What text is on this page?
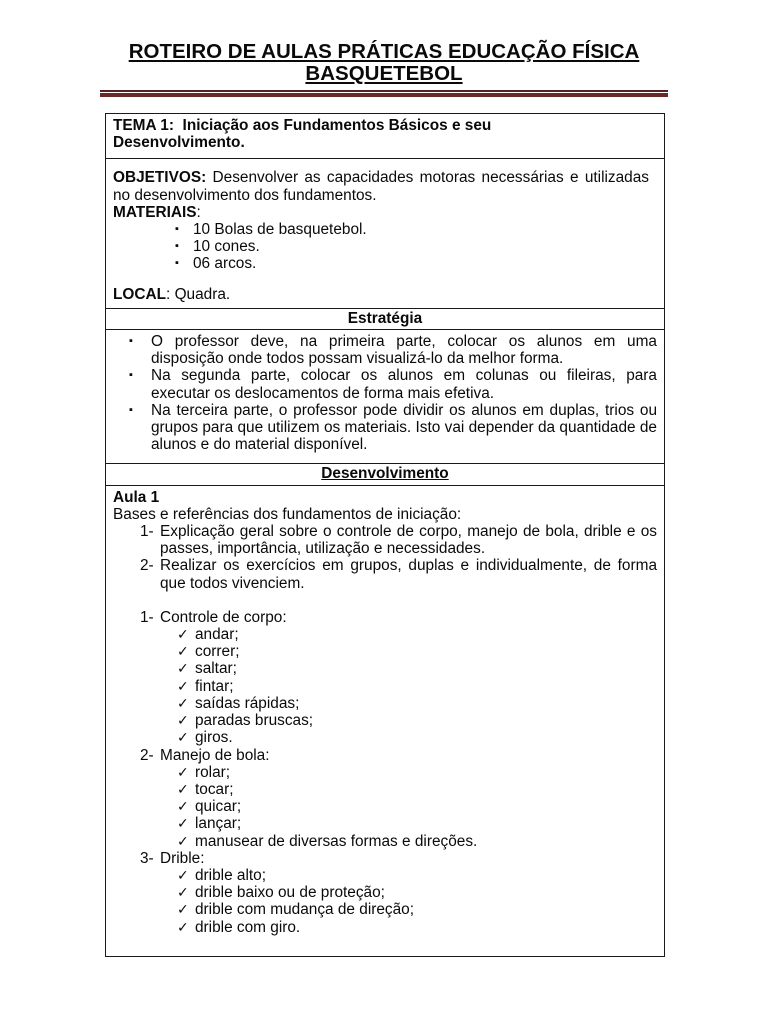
ROTEIRO DE AULAS PRÁTICAS EDUCAÇÃO FÍSICA
BASQUETEBOL
TEMA 1:  Iniciação aos Fundamentos Básicos e seu Desenvolvimento.

OBJETIVOS: Desenvolver as capacidades motoras necessárias e utilizadas no desenvolvimento dos fundamentos.

MATERIAIS:

▪ 10 Bolas de basquetebol.
▪ 10 cones.
▪ 06 arcos.

LOCAL: Quadra.

Estratégia
▪	O professor deve, na primeira parte, colocar os alunos em uma disposição onde todos possam visualizá-lo da melhor forma.
▪	Na segunda parte, colocar os alunos em colunas ou fileiras, para executar os deslocamentos de forma mais efetiva.
▪	Na terceira parte, o professor pode dividir os alunos em duplas, trios ou grupos para que utilizem os materiais. Isto vai depender da quantidade de alunos e do material disponível.
Desenvolvimento

Aula 1

Bases e referências dos fundamentos de iniciação:

1- Explicação geral sobre o controle de corpo, manejo de bola, drible e os passes, importância, utilização e necessidades.
2- Realizar os exercícios em grupos, duplas e individualmente, de forma que todos vivenciem.
1- Controle de corpo:
✓ andar;
✓ correr;
✓ saltar;
✓ fintar;
✓ saídas rápidas;
✓ paradas bruscas;
✓ giros.
2- Manejo de bola:
✓ rolar;
✓ tocar;
✓ quicar;
✓ lançar;
✓ manusear de diversas formas e direções.
3- Drible:
✓ drible alto;
✓ drible baixo ou de proteção;
✓ drible com mudança de direção;
✓ drible com giro.
